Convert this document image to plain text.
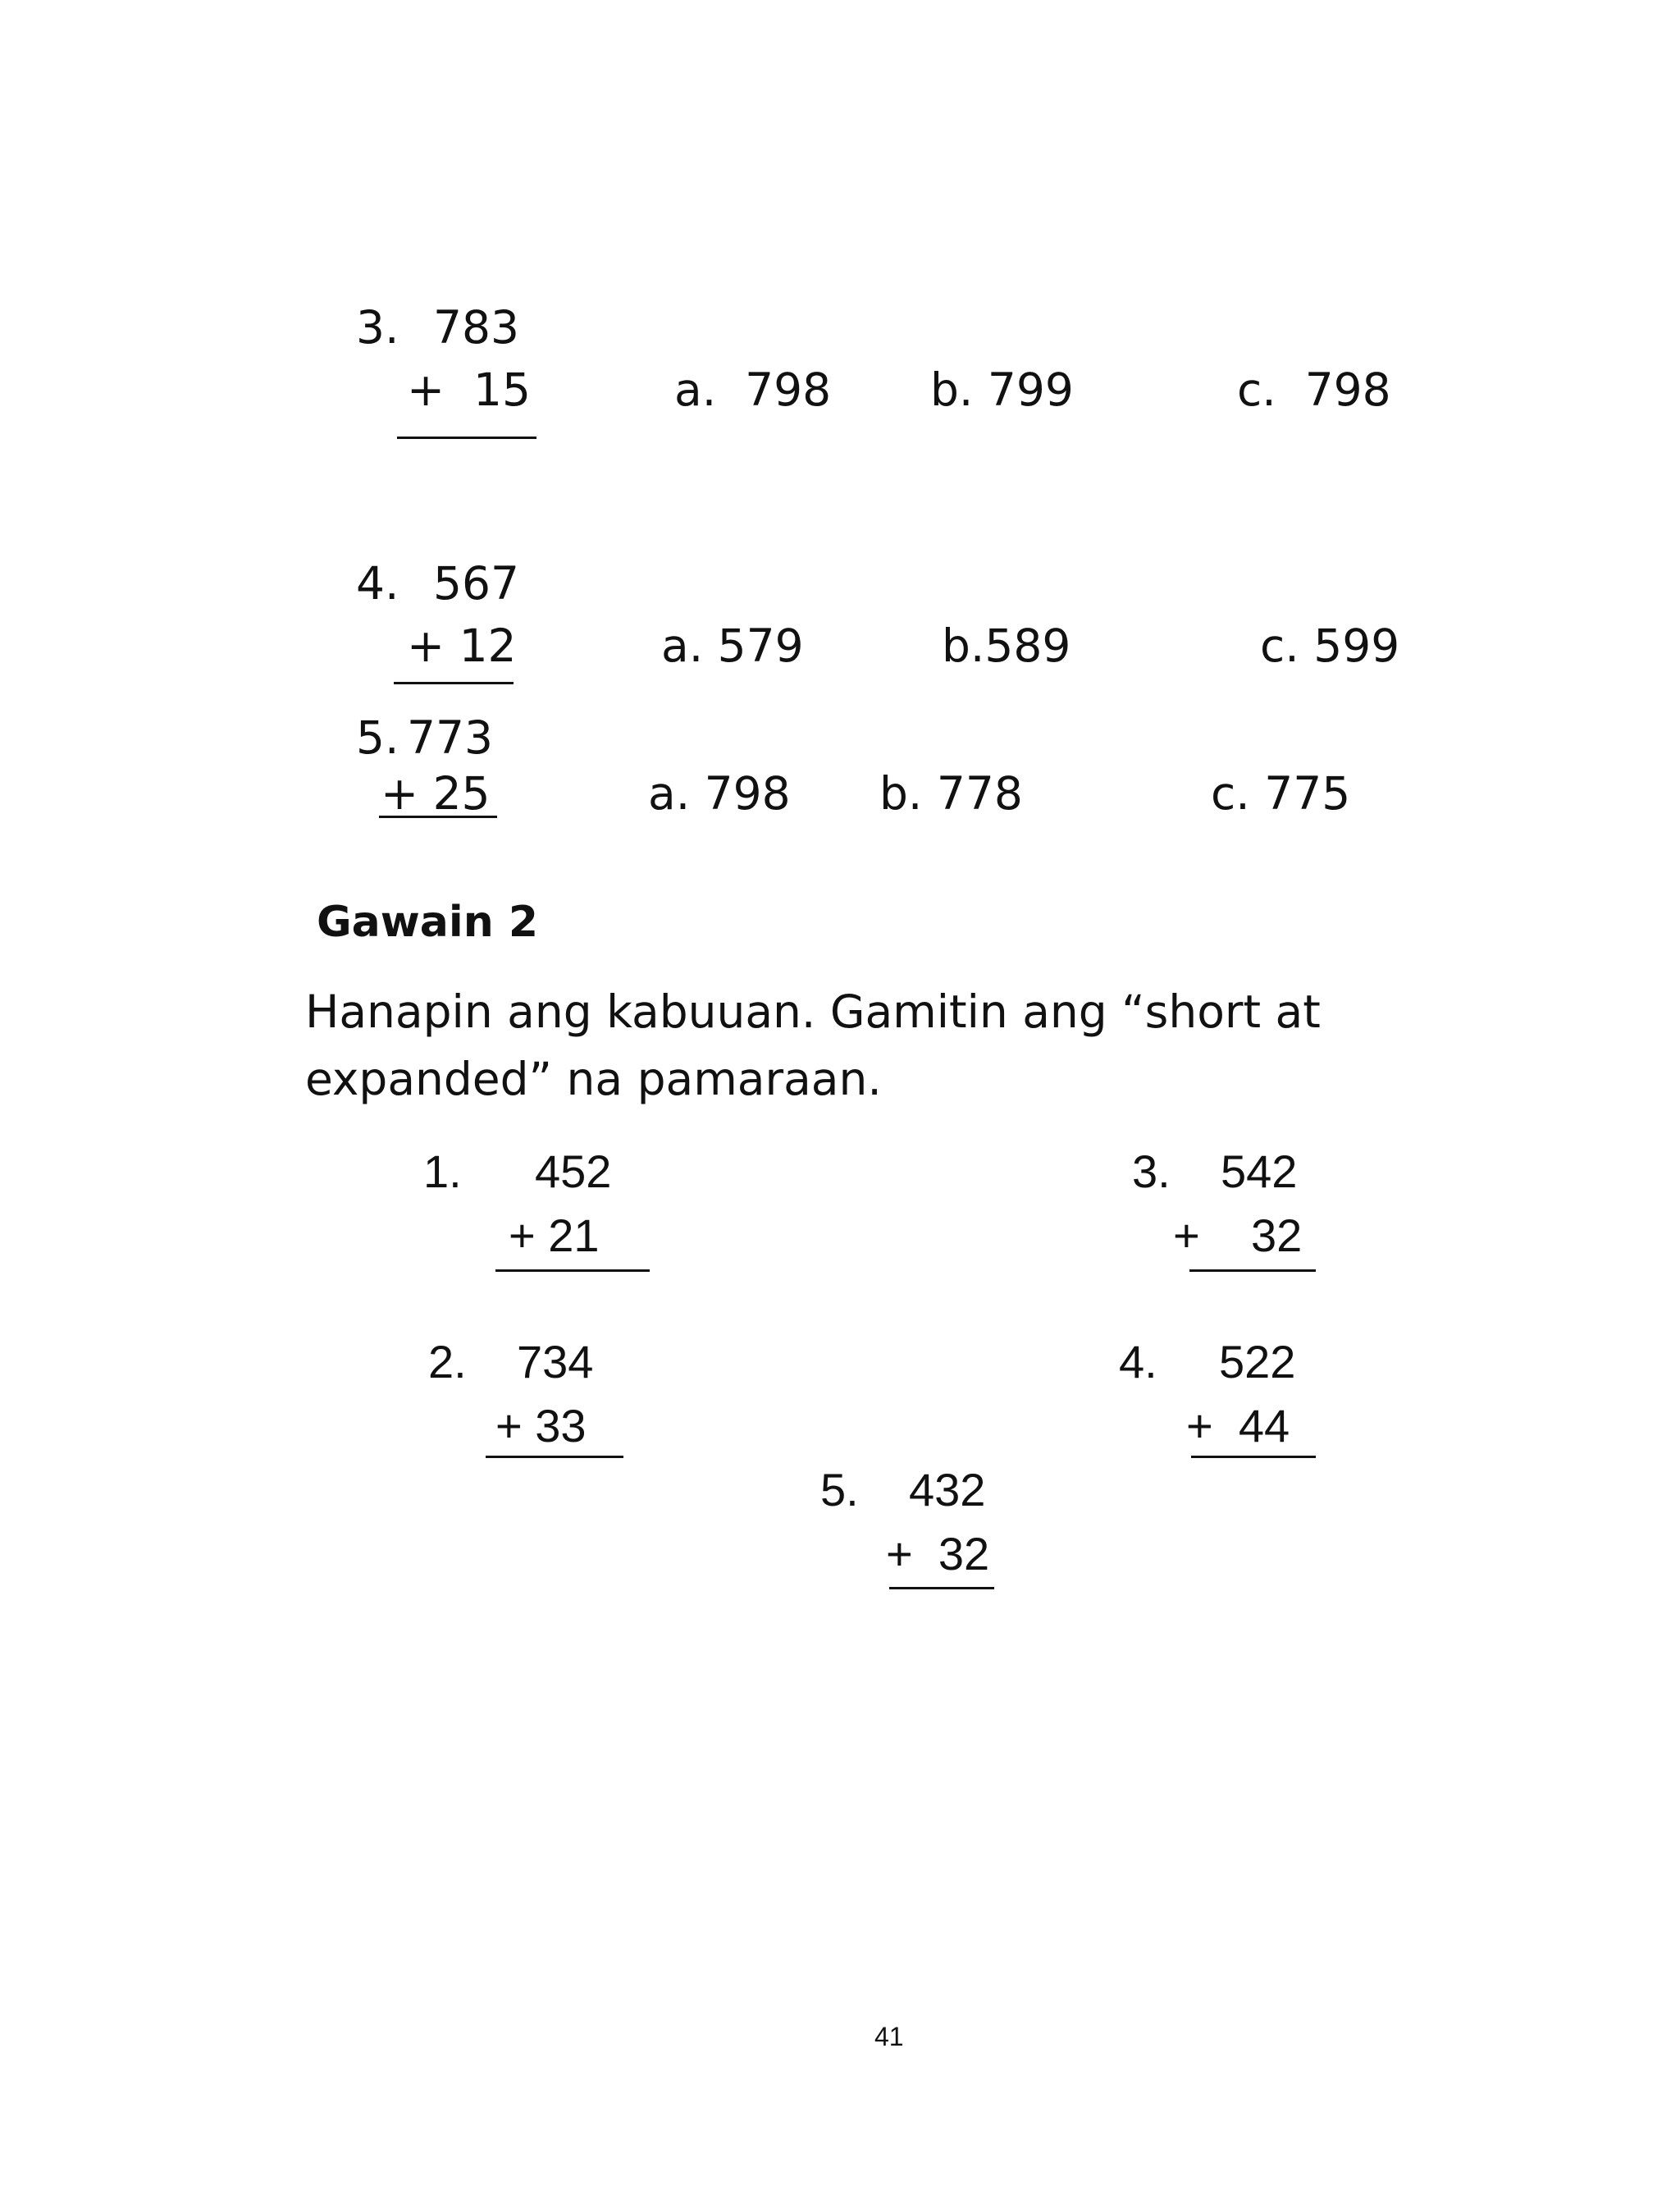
3. 783
+  15	a.  798 b. 799	c.  798
4. 567
+ 12	a. 579	b.589	c. 599
5. 773
+ 25	a. 798 b. 778	c. 775
Gawain 2
Hanapin ang kabuuan. Gamitin ang “short at expanded” na pamaraan.
1. 452
+ 21
2. 734
+ 33
3. 542
+    32
4. 522
+  44
5. 432
+  32
41
